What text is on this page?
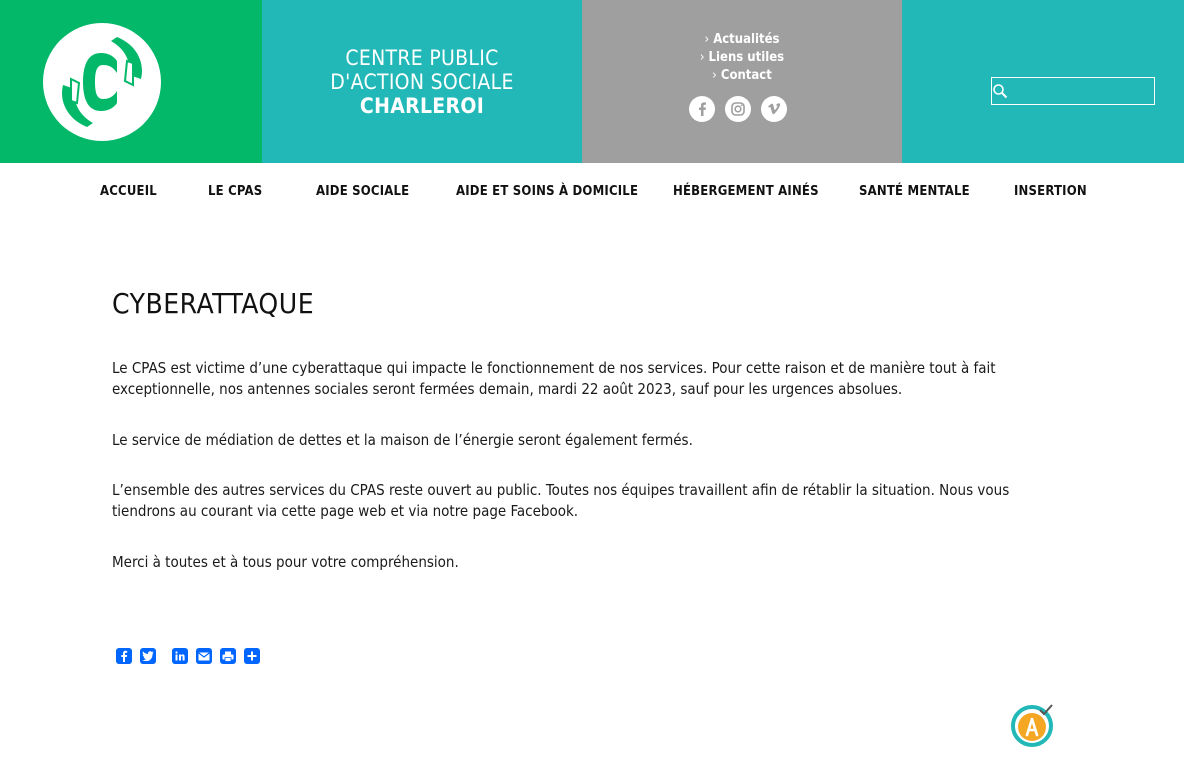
CENTRE PUBLIC
D'ACTION SOCIALE
CHARLEROI
› Actualités
› Liens utiles
› Contact
ACCUEIL	LE CPAS	AIDE SOCIALE	AIDE ET SOINS À DOMICILE	HÉBERGEMENT AINÉS	SANTÉ MENTALE	INSERTION
CYBERATTAQUE

Le CPAS est victime d’une cyberattaque qui impacte le fonctionnement de nos services. Pour cette raison et de manière tout à fait exceptionnelle, nos antennes sociales seront fermées demain, mardi 22 août 2023, sauf pour les urgences absolues.

Le service de médiation de dettes et la maison de l’énergie seront également fermés.

L’ensemble des autres services du CPAS reste ouvert au public. Toutes nos équipes travaillent afin de rétablir la situation. Nous vous tiendrons au courant via cette page web et via notre page Facebook.

Merci à toutes et à tous pour votre compréhension.
